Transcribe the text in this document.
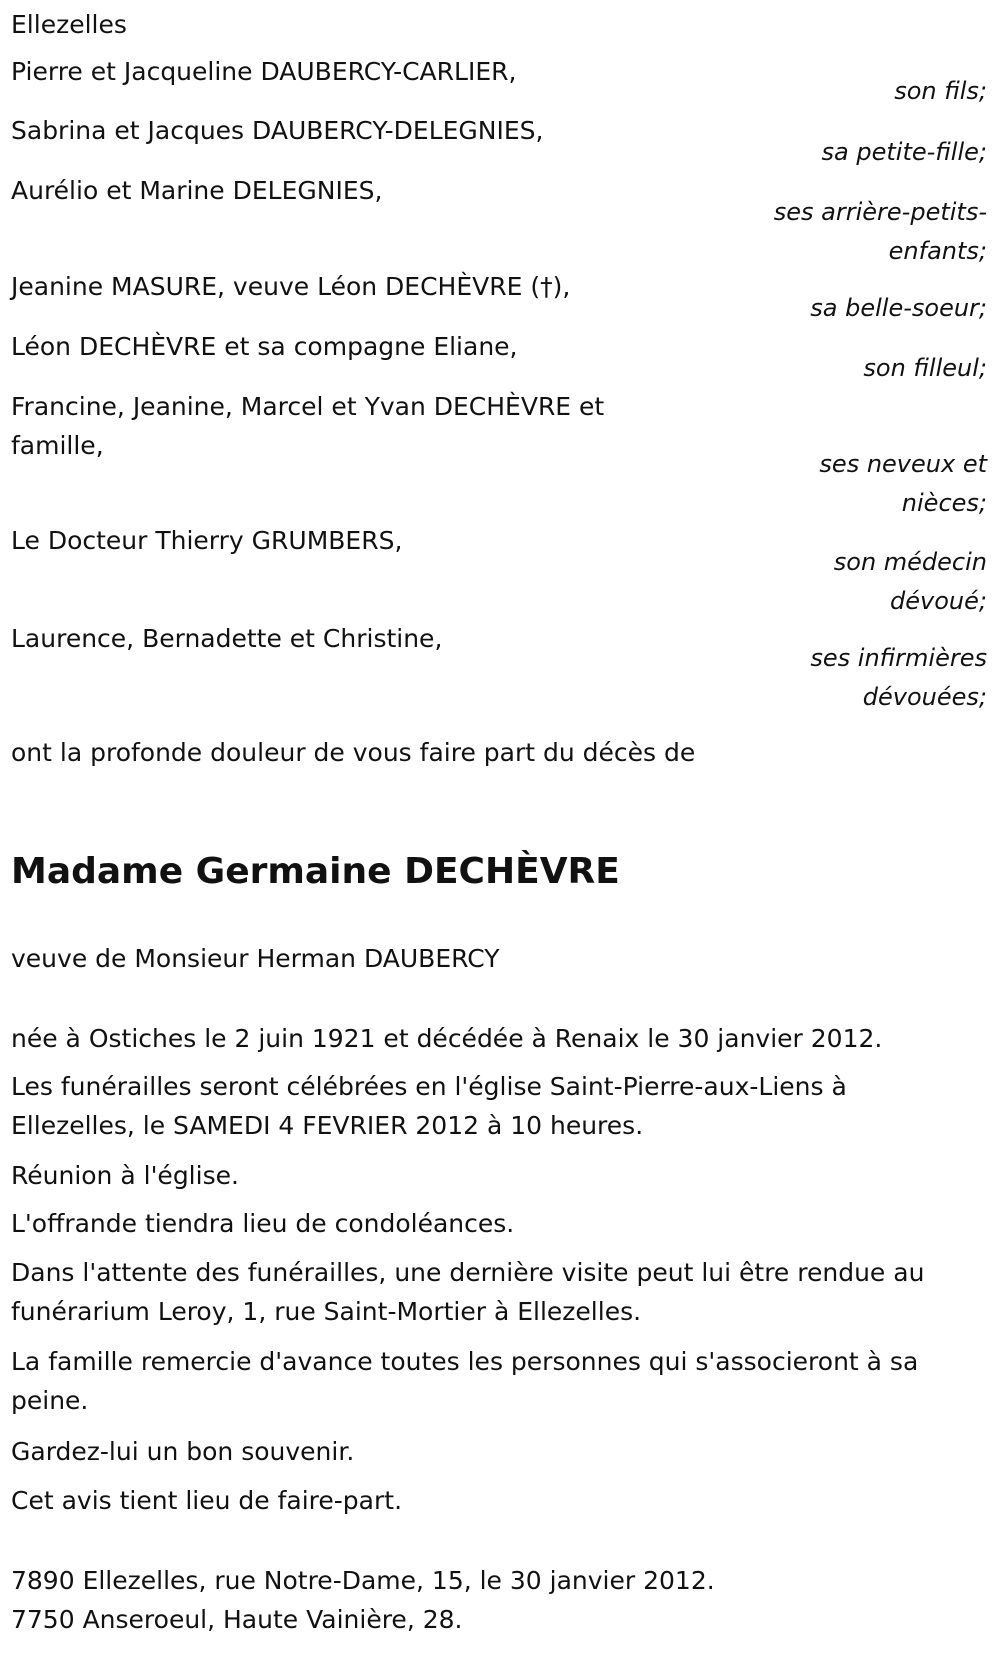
Ellezelles
Pierre et Jacqueline DAUBERCY-CARLIER,
son fils;
Sabrina et Jacques DAUBERCY-DELEGNIES,
sa petite-fille;
Aurélio et Marine DELEGNIES,
ses arrière-petits-enfants;
Jeanine MASURE, veuve Léon DECHÈVRE (†),
sa belle-soeur;
Léon DECHÈVRE et sa compagne Eliane,
son filleul;
Francine, Jeanine, Marcel et Yvan DECHÈVRE et famille,
ses neveux et nièces;
Le Docteur Thierry GRUMBERS,
son médecin dévoué;
Laurence, Bernadette et Christine,
ses infirmières dévouées;
ont la profonde douleur de vous faire part du décès de
Madame Germaine DECHÈVRE
veuve de Monsieur Herman DAUBERCY
née à Ostiches le 2 juin 1921 et décédée à Renaix le 30 janvier 2012.
Les funérailles seront célébrées en l'église Saint-Pierre-aux-Liens à Ellezelles, le SAMEDI 4 FEVRIER 2012 à 10 heures.
Réunion à l'église.
L'offrande tiendra lieu de condoléances.
Dans l'attente des funérailles, une dernière visite peut lui être rendue au funérarium Leroy, 1, rue Saint-Mortier à Ellezelles.
La famille remercie d'avance toutes les personnes qui s'associeront à sa peine.
Gardez-lui un bon souvenir.
Cet avis tient lieu de faire-part.
7890 Ellezelles, rue Notre-Dame, 15, le 30 janvier 2012.
7750 Anseroeul, Haute Vainière, 28.
